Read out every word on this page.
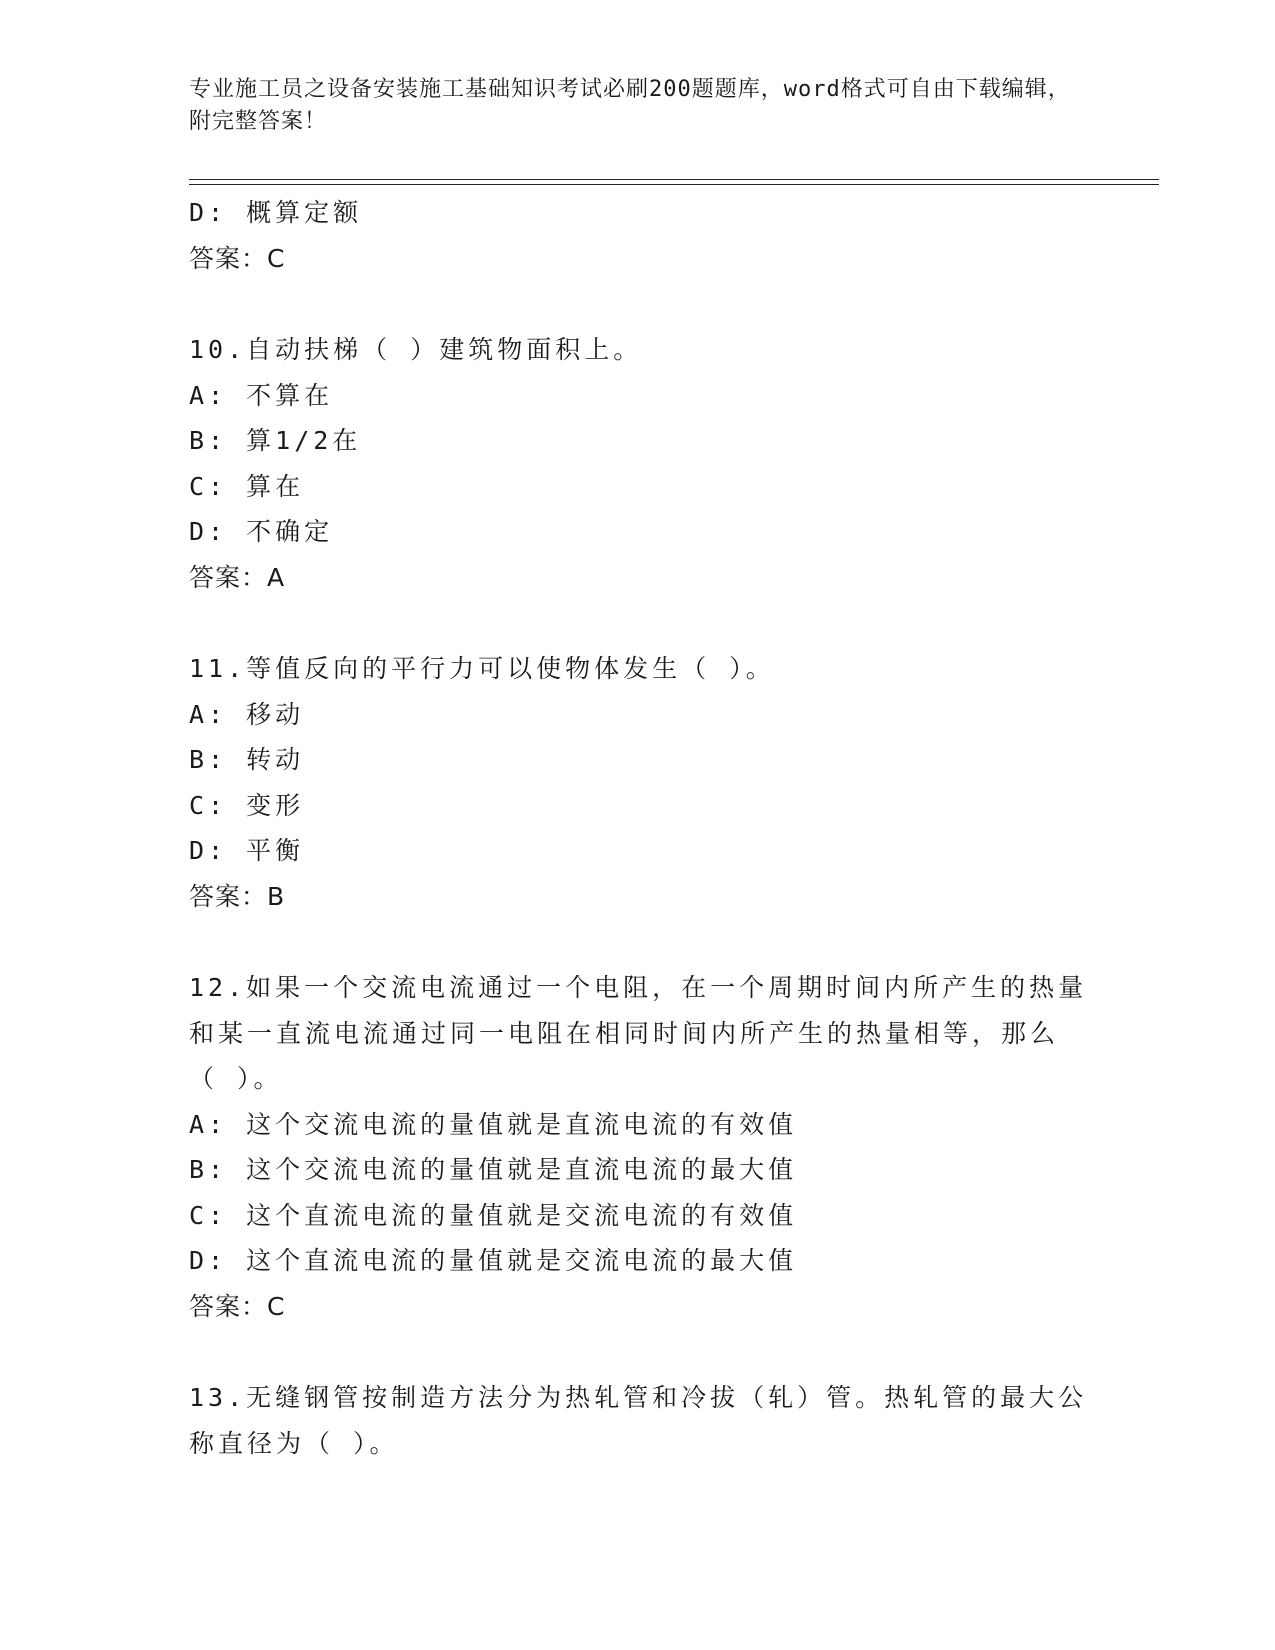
专业施工员之设备安装施工基础知识考试必刷200题题库，word格式可自由下载编辑，附完整答案！
D: 概算定额
答案：C
10.自动扶梯（ ）建筑物面积上。
A: 不算在
B: 算1/2在
C: 算在
D: 不确定
答案：A
11.等值反向的平行力可以使物体发生（ ）。
A: 移动
B: 转动
C: 变形
D: 平衡
答案：B
12.如果一个交流电流通过一个电阻，在一个周期时间内所产生的热量
和某一直流电流通过同一电阻在相同时间内所产生的热量相等，那么
（ ）。
A: 这个交流电流的量值就是直流电流的有效值
B: 这个交流电流的量值就是直流电流的最大值
C: 这个直流电流的量值就是交流电流的有效值
D: 这个直流电流的量值就是交流电流的最大值
答案：C
13.无缝钢管按制造方法分为热轧管和冷拔（轧）管。热轧管的最大公
称直径为（ ）。
